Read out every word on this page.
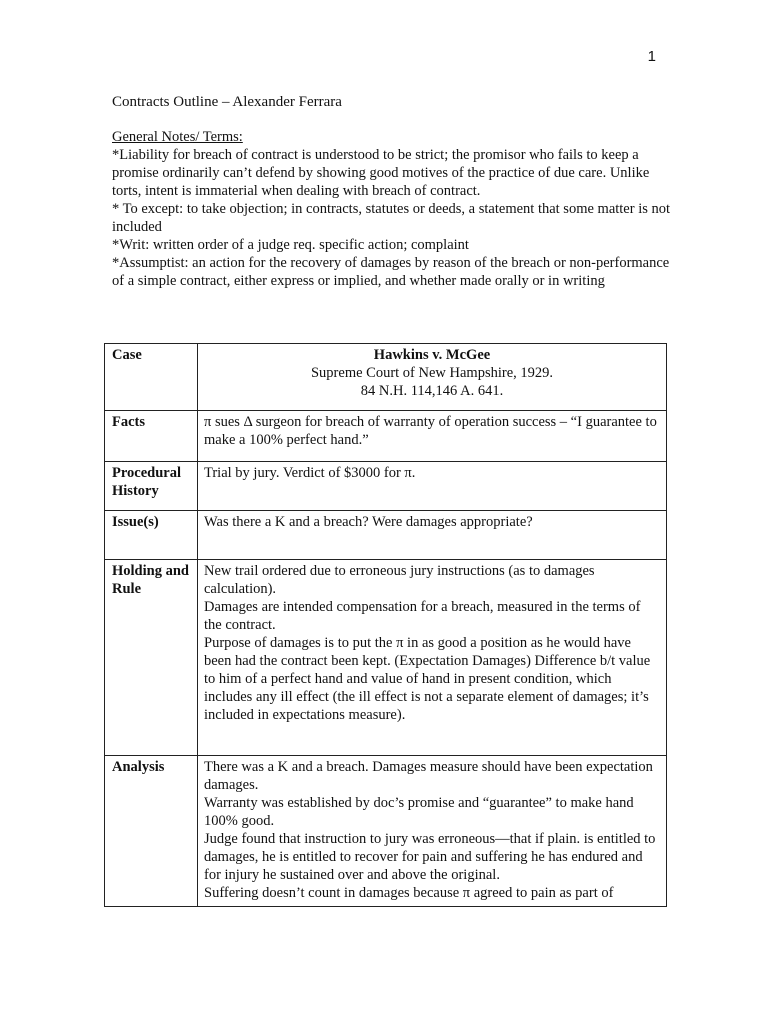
1
Contracts Outline – Alexander Ferrara

General Notes/ Terms:

*Liability for breach of contract is understood to be strict; the promisor who fails to keep a promise ordinarily can’t defend by showing good motives of the practice of due care. Unlike torts, intent is immaterial when dealing with breach of contract.

* To except: to take objection; in contracts, statutes or deeds, a statement that some matter is not included

*Writ: written order of a judge req. specific action; complaint

*Assumptist: an action for the recovery of damages by reason of the breach or non-performance of a simple contract, either express or implied, and whether made orally or in writing

Case	Hawkins v. McGee
Supreme Court of New Hampshire, 1929.
84 N.H. 114,146 A. 641.

Facts	π sues Δ surgeon for breach of warranty of operation success – “I guarantee to make a 100% perfect hand.”
Procedural History	Trial by jury. Verdict of $3000 for π.
Issue(s)	Was there a K and a breach? Were damages appropriate?
Holding and Rule	New trail ordered due to erroneous jury instructions (as to damages calculation).

Damages are intended compensation for a breach, measured in the terms of the contract.

Purpose of damages is to put the π in as good a position as he would have been had the contract been kept. (Expectation Damages) Difference b/t value to him of a perfect hand and value of hand in present condition, which includes any ill effect (the ill effect is not a separate element of damages; it’s included in expectations measure).

Analysis	There was a K and a breach. Damages measure should have been expectation damages.

Warranty was established by doc’s promise and “guarantee” to make hand 100% good.

Judge found that instruction to jury was erroneous—that if plain. is entitled to damages, he is entitled to recover for pain and suffering he has endured and for injury he sustained over and above the original.

Suffering doesn’t count in damages because π agreed to pain as part of
